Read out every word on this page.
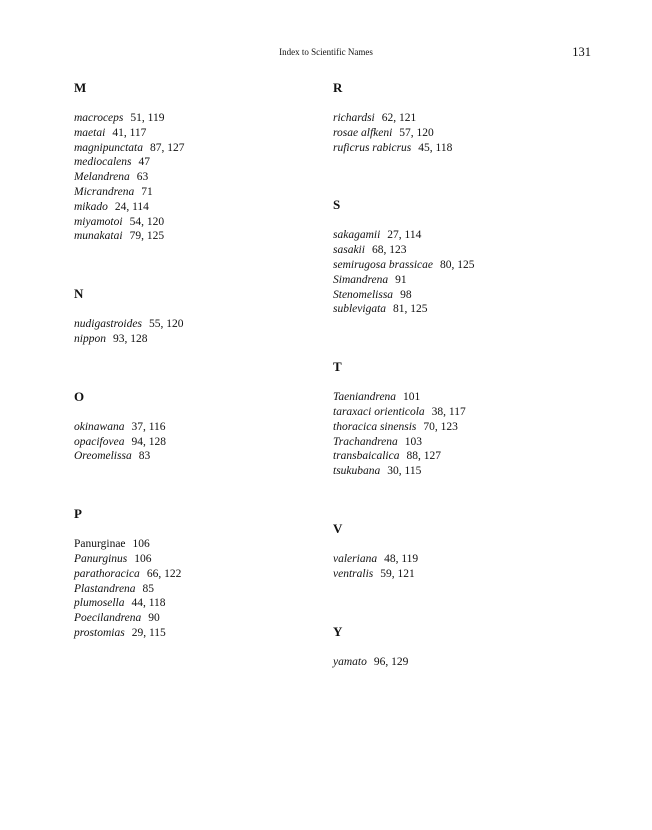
Index to Scientific Names	131
M
macroceps 51, 119
maetai 41, 117
magnipunctata 87, 127
mediocalens 47
Melandrena 63
Micrandrena 71
mikado 24, 114
miyamotoi 54, 120
munakatai 79, 125
N
nudigastroides 55, 120
nippon 93, 128
O
okinawana 37, 116
opacifovea 94, 128
Oreomelissa 83
P
Panurginae 106
Panurginus 106
parathoracica 66, 122
Plastandrena 85
plumosella 44, 118
Poecilandrena 90
prostomias 29, 115
R
richardsi 62, 121
rosae alfkeni 57, 120
ruficrus rabicrus 45, 118
S
sakagamii 27, 114
sasakii 68, 123
semirugosa brassicae 80, 125
Simandrena 91
Stenomelissa 98
sublevigata 81, 125
T
Taeniandrena 101
taraxaci orienticola 38, 117
thoracica sinensis 70, 123
Trachandrena 103
transbaicalica 88, 127
tsukubana 30, 115
V
valeriana 48, 119
ventralis 59, 121
Y
yamato 96, 129
